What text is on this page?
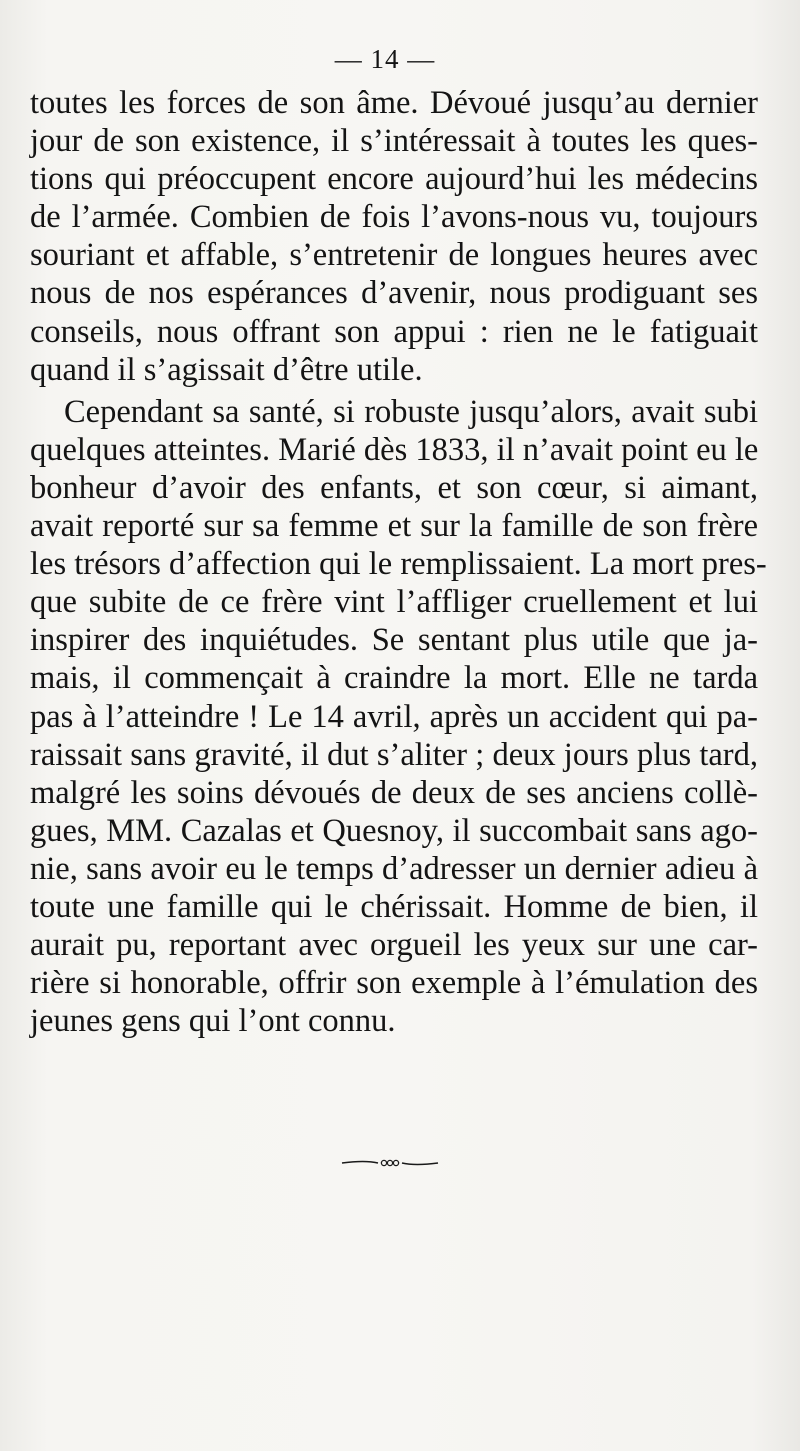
— 14 —

toutes les forces de son âme. Dévoué jusqu’au dernier
jour de son existence, il s’intéressait à toutes les ques-
tions qui préoccupent encore aujourd’hui les médecins
de l’armée. Combien de fois l’avons-nous vu, toujours
souriant et affable, s’entretenir de longues heures avec
nous de nos espérances d’avenir, nous prodiguant ses
conseils, nous offrant son appui : rien ne le fatiguait
quand il s’agissait d’être utile.

Cependant sa santé, si robuste jusqu’alors, avait subi
quelques atteintes. Marié dès 1833, il n’avait point eu le
bonheur d’avoir des enfants, et son cœur, si aimant,
avait reporté sur sa femme et sur la famille de son frère
les trésors d’affection qui le remplissaient. La mort pres-
que subite de ce frère vint l’affliger cruellement et lui
inspirer des inquiétudes. Se sentant plus utile que ja-
mais, il commençait à craindre la mort. Elle ne tarda
pas à l’atteindre ! Le 14 avril, après un accident qui pa-
raissait sans gravité, il dut s’aliter ; deux jours plus tard,
malgré les soins dévoués de deux de ses anciens collè-
gues, MM. Cazalas et Quesnoy, il succombait sans ago-
nie, sans avoir eu le temps d’adresser un dernier adieu à
toute une famille qui le chérissait. Homme de bien, il
aurait pu, reportant avec orgueil les yeux sur une car-
rière si honorable, offrir son exemple à l’émulation des
jeunes gens qui l’ont connu.
